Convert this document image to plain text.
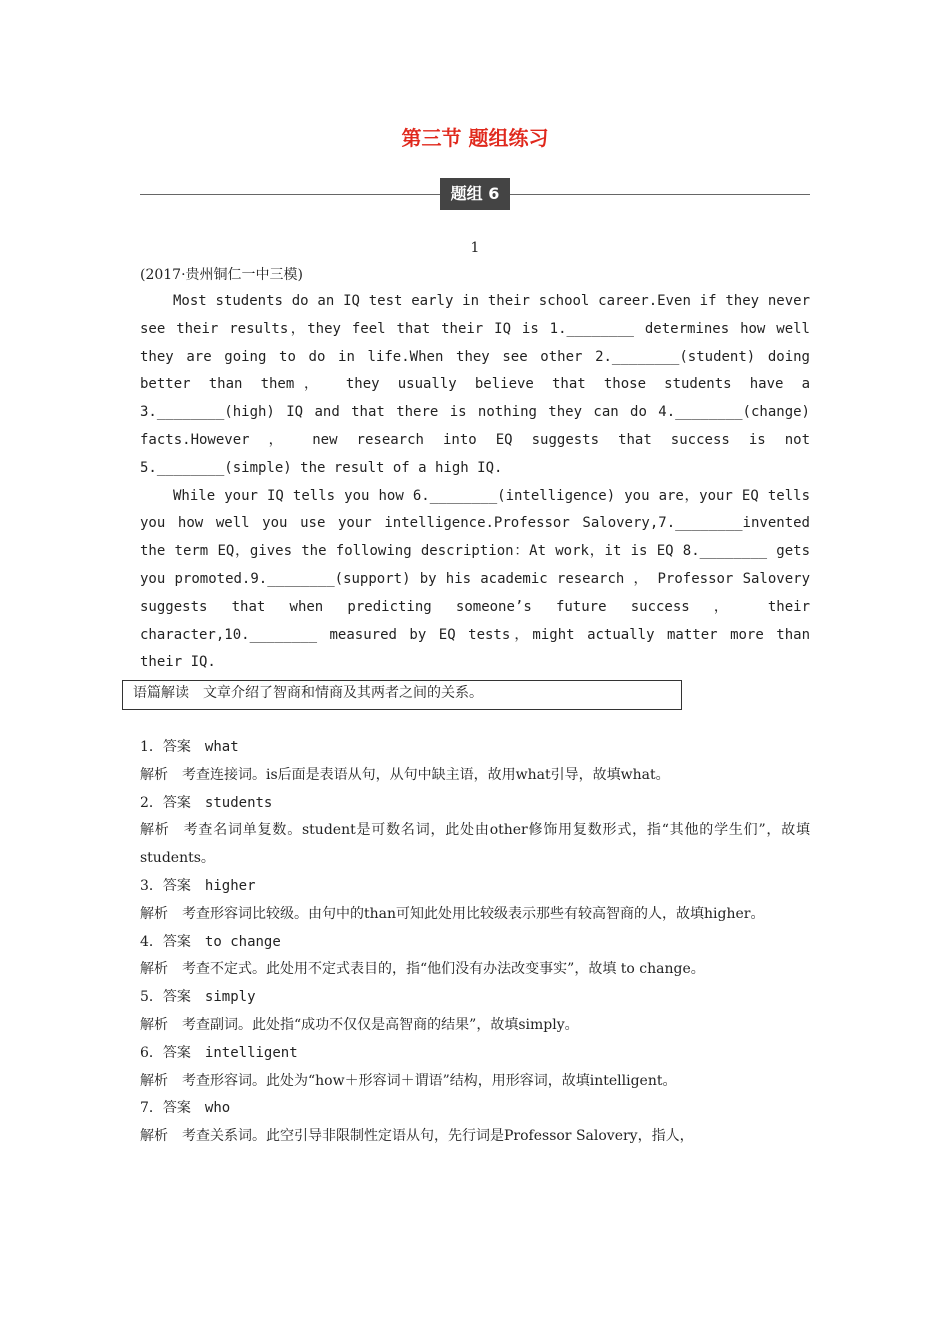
第三节 题组练习
题组 6
1
(2017·贵州铜仁一中三模)

Most students do an IQ test early in their school career.Even if they never see their results，they feel that their IQ is 1.________ determines how well they are going to do in life.When they see other 2.________(student) doing better than them， they usually believe that those students have a 3.________(high) IQ and that there is nothing they can do 4.________(change) facts.However ， new research into EQ suggests that success is not 5.________(simple) the result of a high IQ.

While your IQ tells you how 6.________(intelligence) you are，your EQ tells you how well you use your intelligence.Professor Salovery,7.________invented the term EQ，gives the following description：At work，it is EQ 8.________ gets you promoted.9.________(support) by his academic research ， Professor Salovery suggests that when predicting someone’s future success ， their character,10.________ measured by EQ tests，might actually matter more than their IQ.

语篇解读 文章介绍了智商和情商及其两者之间的关系。
1．答案 what
解析 考查连接词。is后面是表语从句，从句中缺主语，故用what引导，故填what。
2．答案 students
解析 考查名词单复数。student是可数名词，此处由other修饰用复数形式，指“其他的学生们”，故填students。
3．答案 higher
解析 考查形容词比较级。由句中的than可知此处用比较级表示那些有较高智商的人，故填higher。
4．答案 to change
解析 考查不定式。此处用不定式表目的，指“他们没有办法改变事实”，故填 to change。
5．答案 simply
解析 考查副词。此处指“成功不仅仅是高智商的结果”，故填simply。
6．答案 intelligent
解析 考查形容词。此处为“how＋形容词＋谓语”结构，用形容词，故填intelligent。
7．答案 who
解析 考查关系词。此空引导非限制性定语从句，先行词是Professor Salovery，指人，
